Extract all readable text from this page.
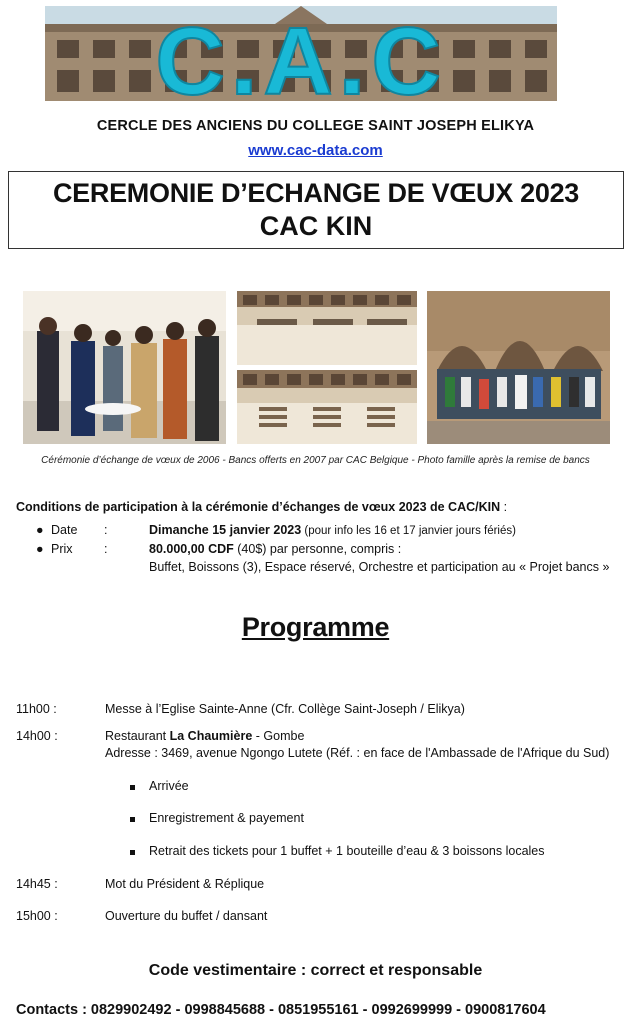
C.A.C
CERCLE DES ANCIENS DU COLLEGE SAINT JOSEPH ELIKYA
www.cac-data.com
CEREMONIE D’ECHANGE DE VŒUX 2023
CAC KIN
Cérémonie d’échange de vœux de 2006 - Bancs offerts en 2007 par CAC Belgique - Photo famille après la remise de bancs
Conditions de participation à la cérémonie d’échanges de vœux 2023 de CAC/KIN :
● Date :	Dimanche 15 janvier 2023 (pour info les 16 et 17 janvier jours fériés)
● Prix	:	80.000,00 CDF (40$) par personne, compris :
Buffet, Boissons (3), Espace réservé, Orchestre et participation au « Projet bancs »
Programme
11h00 :	Messe à l’Eglise Sainte-Anne (Cfr. Collège Saint-Joseph / Elikya)
14h00 :	Restaurant La Chaumière - Gombe
Adresse : 3469, avenue Ngongo Lutete (Réf. : en face de l'Ambassade de l'Afrique du Sud)
Arrivée
Enregistrement & payement
Retrait des tickets pour 1 buffet + 1 bouteille d’eau & 3 boissons locales
14h45 :	Mot du Président & Réplique
15h00 :	Ouverture du buffet / dansant
Code vestimentaire : correct et responsable
Contacts : 0829902492 - 0998845688 - 0851955161 - 0992699999 - 0900817604
